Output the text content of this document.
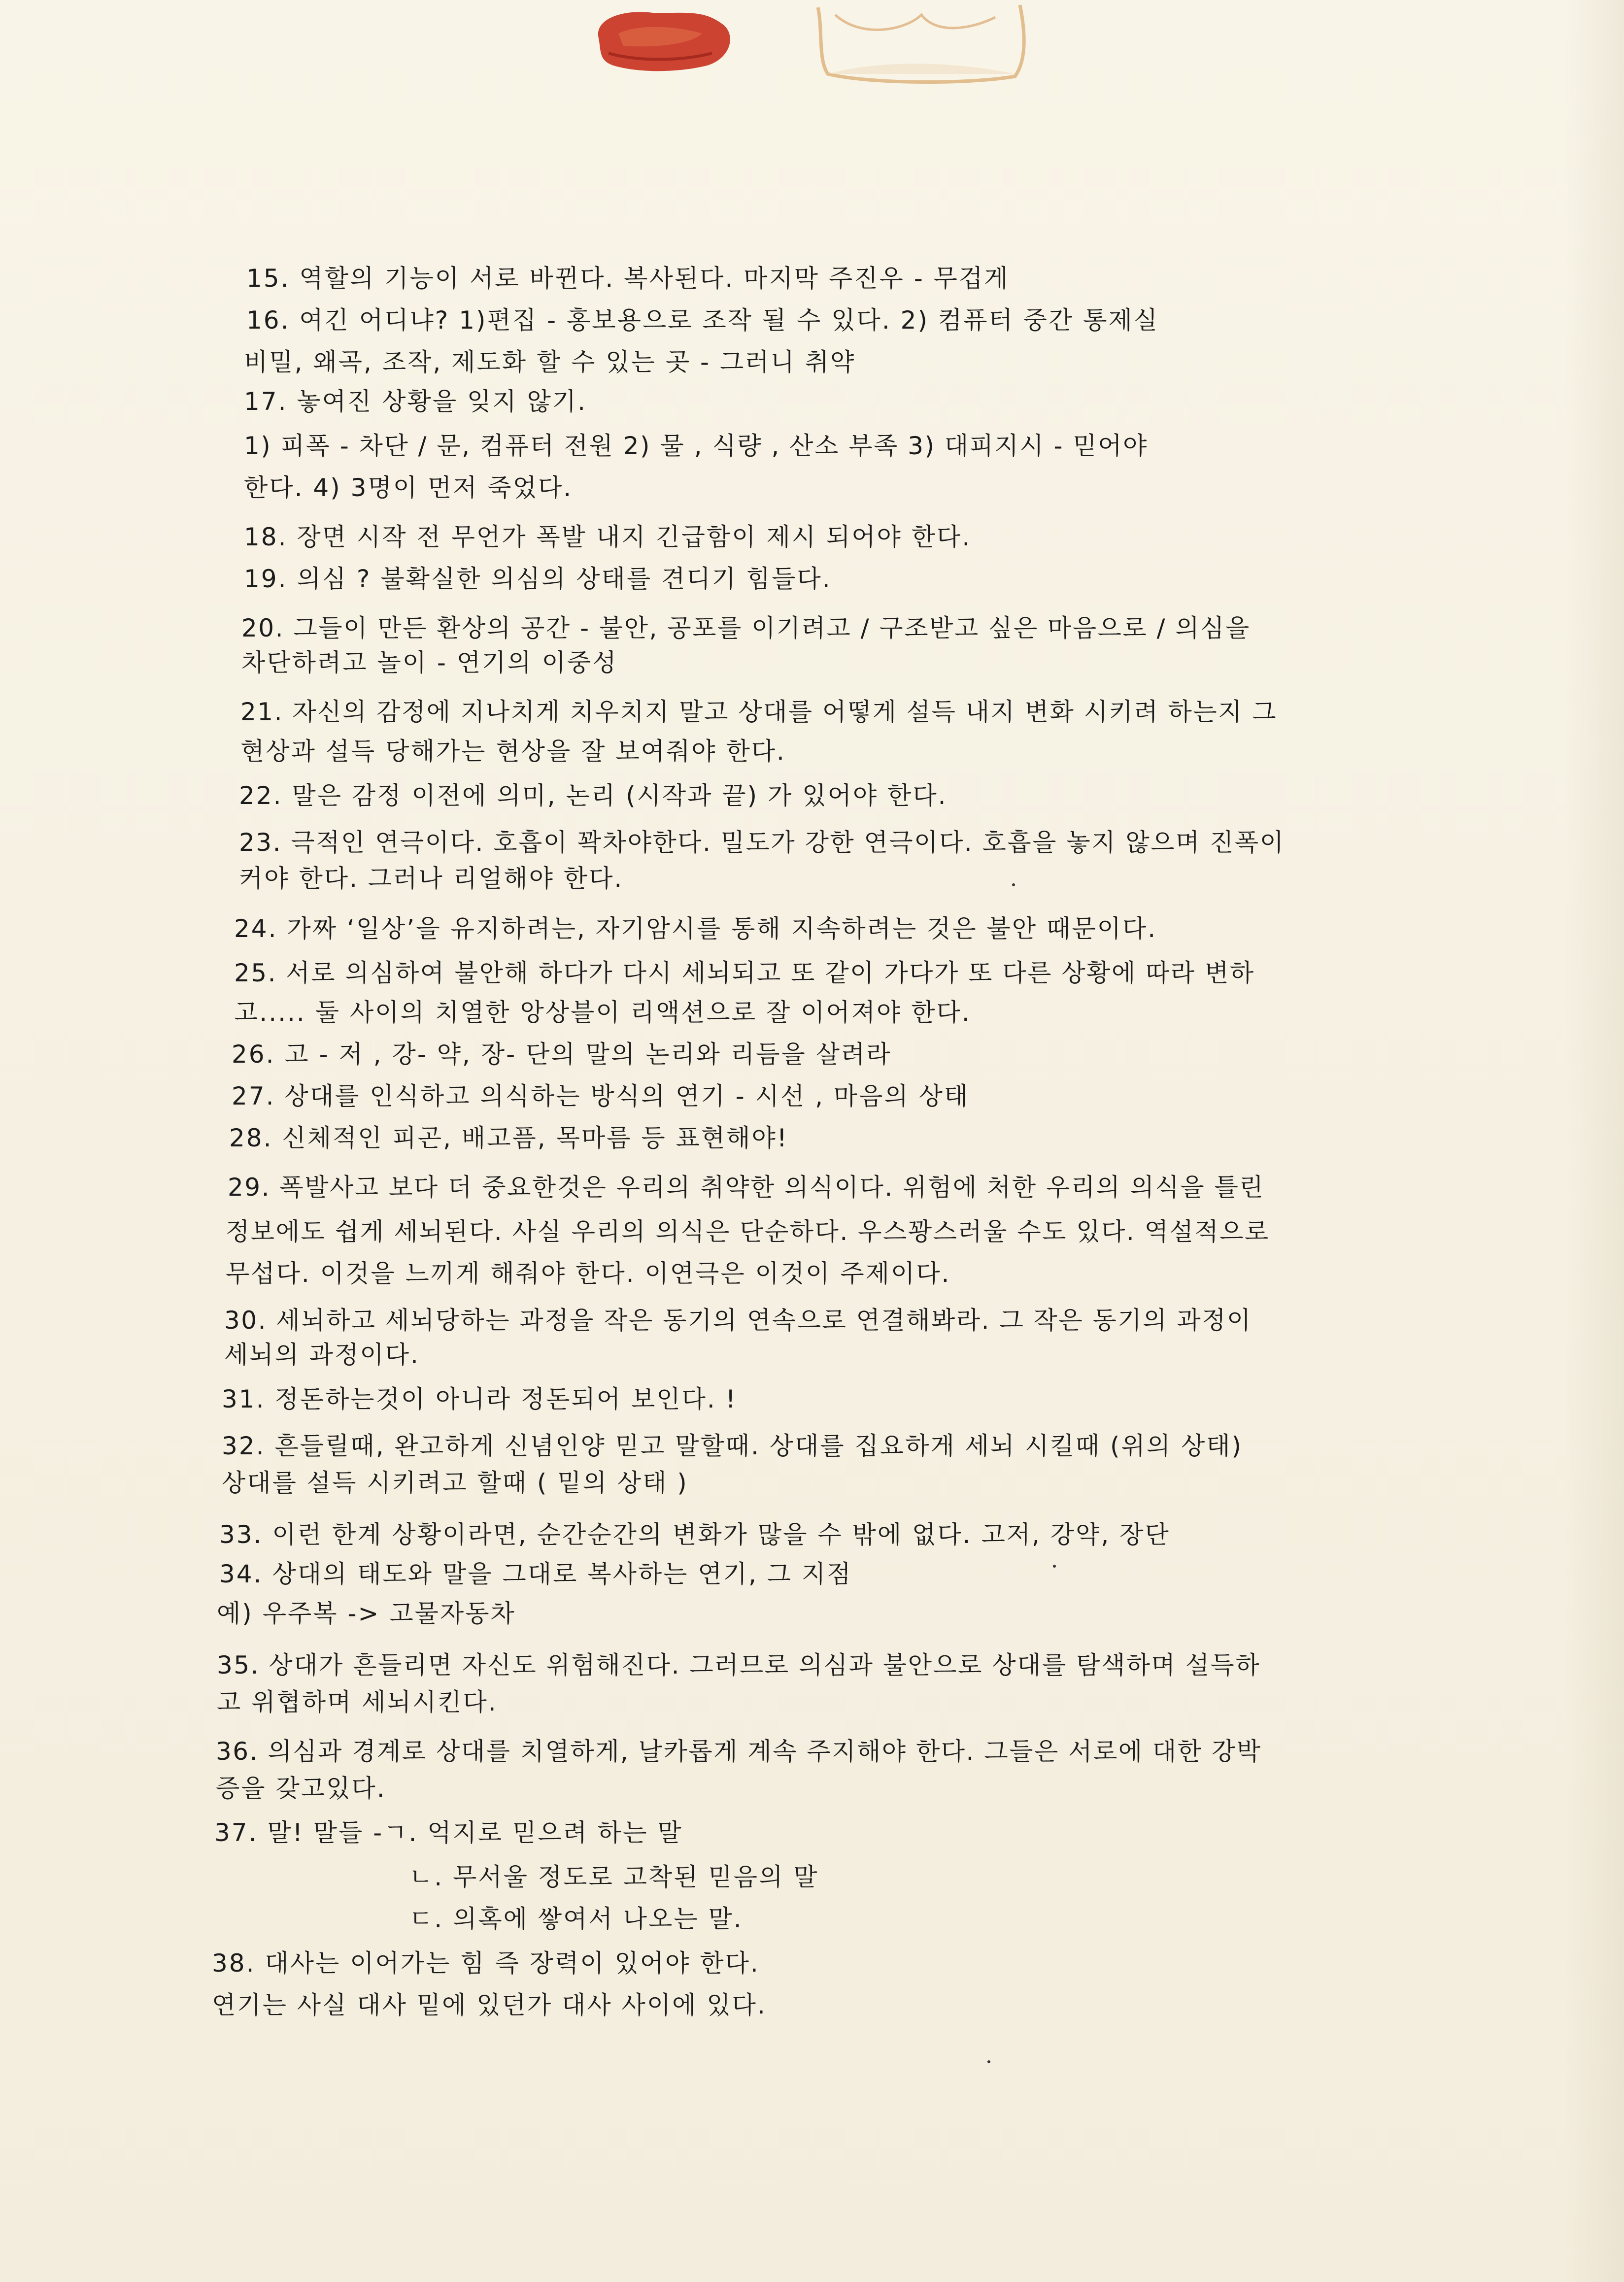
15. 역할의 기능이 서로 바뀐다. 복사된다. 마지막 주진우 - 무겁게
16. 여긴 어디냐? 1)편집 - 홍보용으로 조작 될 수 있다. 2) 컴퓨터 중간 통제실
비밀, 왜곡, 조작, 제도화 할 수 있는 곳 - 그러니 취약
17. 놓여진 상황을 잊지 않기.
1) 피폭 - 차단 / 문, 컴퓨터 전원 2) 물 , 식량 , 산소 부족 3) 대피지시 - 믿어야
한다. 4) 3명이 먼저 죽었다.
18. 장면 시작 전 무언가 폭발 내지 긴급함이 제시 되어야 한다.
19. 의심 ? 불확실한 의심의 상태를 견디기 힘들다.
20. 그들이 만든 환상의 공간 - 불안, 공포를 이기려고 / 구조받고 싶은 마음으로 / 의심을
차단하려고 놀이 - 연기의 이중성
21. 자신의 감정에 지나치게 치우치지 말고 상대를 어떻게 설득 내지 변화 시키려 하는지 그
현상과 설득 당해가는 현상을 잘 보여줘야 한다.
22. 말은 감정 이전에 의미, 논리 (시작과 끝) 가 있어야 한다.
23. 극적인 연극이다. 호흡이 꽉차야한다. 밀도가 강한 연극이다. 호흡을 놓지 않으며 진폭이
커야 한다. 그러나 리얼해야 한다.
24. 가짜 ‘일상’을 유지하려는, 자기암시를 통해 지속하려는 것은 불안 때문이다.
25. 서로 의심하여 불안해 하다가 다시 세뇌되고 또 같이 가다가 또 다른 상황에 따라 변하
고..... 둘 사이의 치열한 앙상블이 리액션으로 잘 이어져야 한다.
26. 고 - 저 , 강- 약, 장- 단의 말의 논리와 리듬을 살려라
27. 상대를 인식하고 의식하는 방식의 연기 - 시선 , 마음의 상태
28. 신체적인 피곤, 배고픔, 목마름 등 표현해야!
29. 폭발사고 보다 더 중요한것은 우리의 취약한 의식이다. 위험에 처한 우리의 의식을 틀린
정보에도 쉽게 세뇌된다. 사실 우리의 의식은 단순하다. 우스꽝스러울 수도 있다. 역설적으로
무섭다. 이것을 느끼게 해줘야 한다. 이연극은 이것이 주제이다.
30. 세뇌하고 세뇌당하는 과정을 작은 동기의 연속으로 연결해봐라. 그 작은 동기의 과정이
세뇌의 과정이다.
31. 정돈하는것이 아니라 정돈되어 보인다. !
32. 흔들릴때, 완고하게 신념인양 믿고 말할때. 상대를 집요하게 세뇌 시킬때 (위의 상태)
상대를 설득 시키려고 할때 ( 밑의 상태 )
33. 이런 한계 상황이라면, 순간순간의 변화가 많을 수 밖에 없다. 고저, 강약, 장단
34. 상대의 태도와 말을 그대로 복사하는 연기, 그 지점
예) 우주복 -> 고물자동차
35. 상대가 흔들리면 자신도 위험해진다. 그러므로 의심과 불안으로 상대를 탐색하며 설득하
고 위협하며 세뇌시킨다.
36. 의심과 경계로 상대를 치열하게, 날카롭게 계속 주지해야 한다. 그들은 서로에 대한 강박
증을 갖고있다.
37. 말! 말들 -ㄱ. 억지로 믿으려 하는 말
ㄴ. 무서울 정도로 고착된 믿음의 말
ㄷ. 의혹에 쌓여서 나오는 말.
38. 대사는 이어가는 힘 즉 장력이 있어야 한다.
연기는 사실 대사 밑에 있던가 대사 사이에 있다.
